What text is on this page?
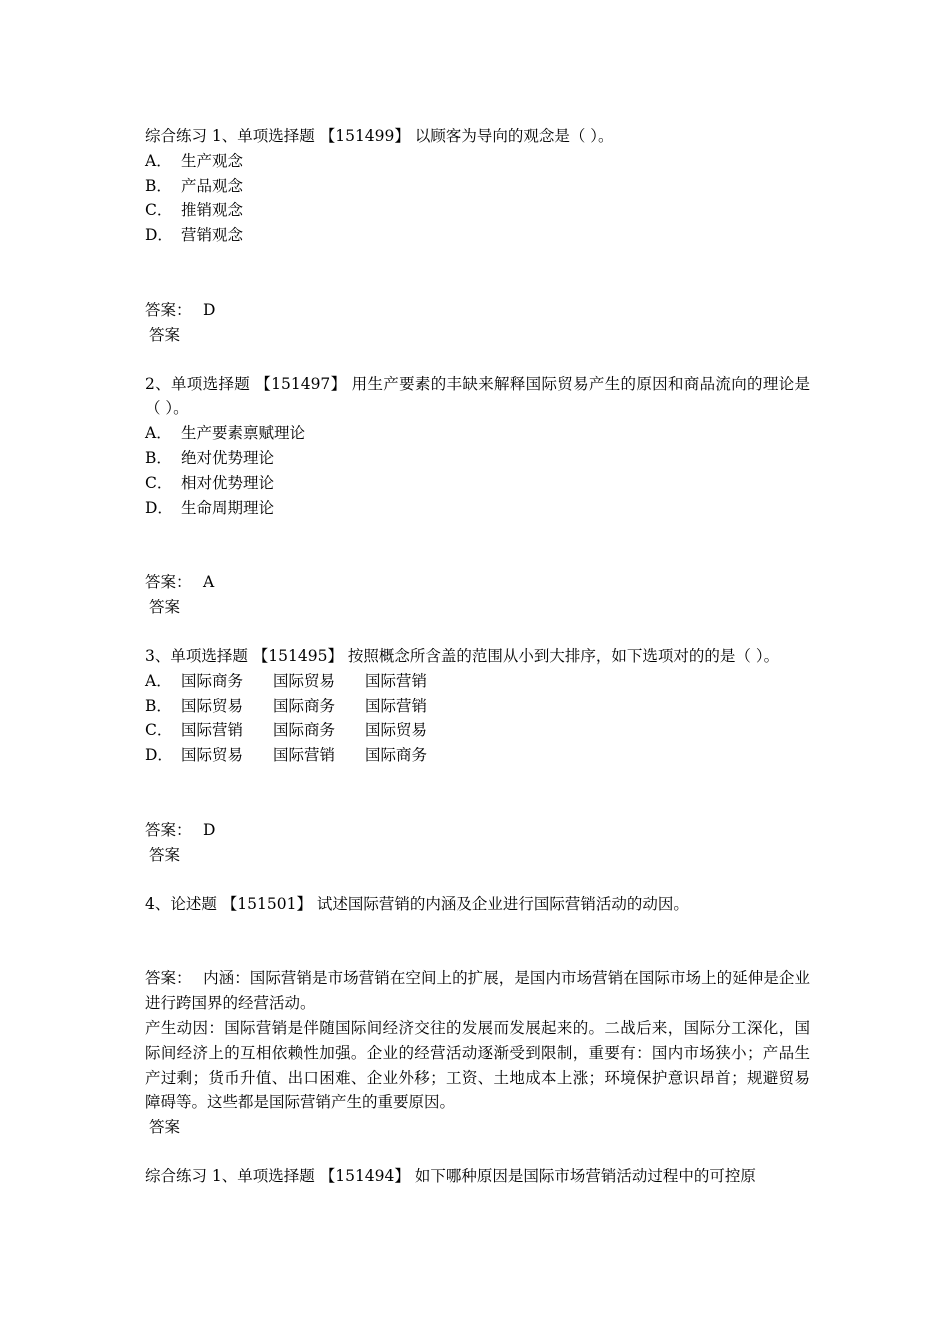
综合练习 1、单项选择题 【151499】 以顾客为导向的观念是（ ）。
A． 生产观念
B． 产品观念
C． 推销观念
D． 营销观念
答案： D
答案
2、单项选择题 【151497】 用生产要素的丰缺来解释国际贸易产生的原因和商品流向的理论是（ ）。
A． 生产要素禀赋理论
B． 绝对优势理论
C． 相对优势理论
D． 生命周期理论
答案： A
答案
3、单项选择题 【151495】 按照概念所含盖的范围从小到大排序，如下选项对的的是（ ）。
A． 国际商务 国际贸易 国际营销
B． 国际贸易 国际商务 国际营销
C． 国际营销 国际商务 国际贸易
D． 国际贸易 国际营销 国际商务
答案： D
答案
4、论述题 【151501】 试述国际营销的内涵及企业进行国际营销活动的动因。
答案： 内涵：国际营销是市场营销在空间上的扩展，是国内市场营销在国际市场上的延伸是企业进行跨国界的经营活动。
产生动因：国际营销是伴随国际间经济交往的发展而发展起来的。二战后来，国际分工深化，国际间经济上的互相依赖性加强。企业的经营活动逐渐受到限制，重要有：国内市场狭小；产品生产过剩；货币升值、出口困难、企业外移；工资、土地成本上涨；环境保护意识昂首；规避贸易障碍等。这些都是国际营销产生的重要原因。
答案
综合练习 1、单项选择题 【151494】 如下哪种原因是国际市场营销活动过程中的可控原
